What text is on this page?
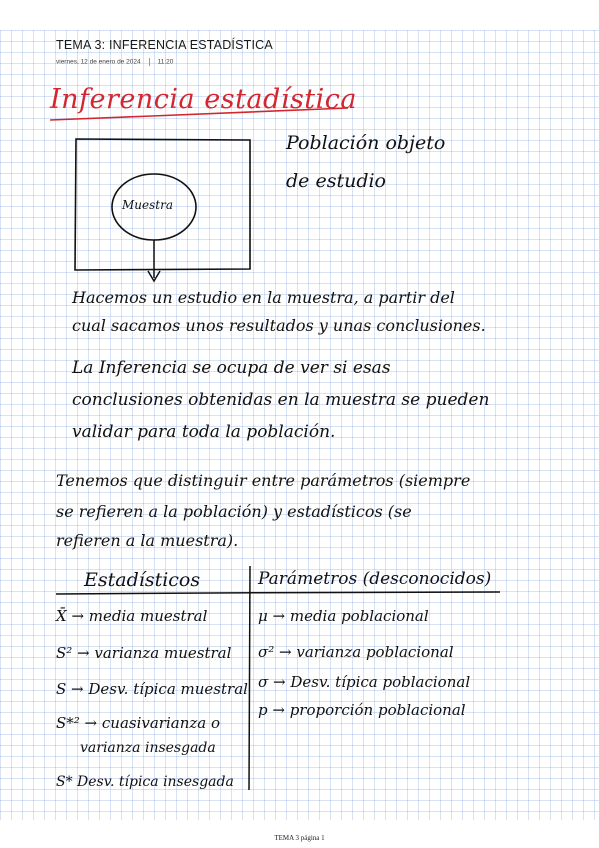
TEMA 3: INFERENCIA ESTADÍSTICA
viernes, 12 de enero de 2024	11:20
Inferencia estadística
Población objeto
de estudio
Muestra
Hacemos un estudio en la muestra, a partir del
cual sacamos unos resultados y unas conclusiones.
La Inferencia se ocupa de ver si esas
conclusiones obtenidas en la muestra se pueden
validar para toda la población.
Tenemos que distinguir entre parámetros (siempre
se refieren a la población) y estadísticos (se
refieren a la muestra).
Estadísticos	Parámetros (desconocidos)
X̄ → media muestral
S² → varianza muestral
S → Desv. típica muestral
S*² → cuasivarianza o
varianza insesgada
S* Desv. típica insesgada
μ → media poblacional
σ² → varianza poblacional
σ → Desv. típica poblacional
p → proporción poblacional
TEMA 3 página 1
